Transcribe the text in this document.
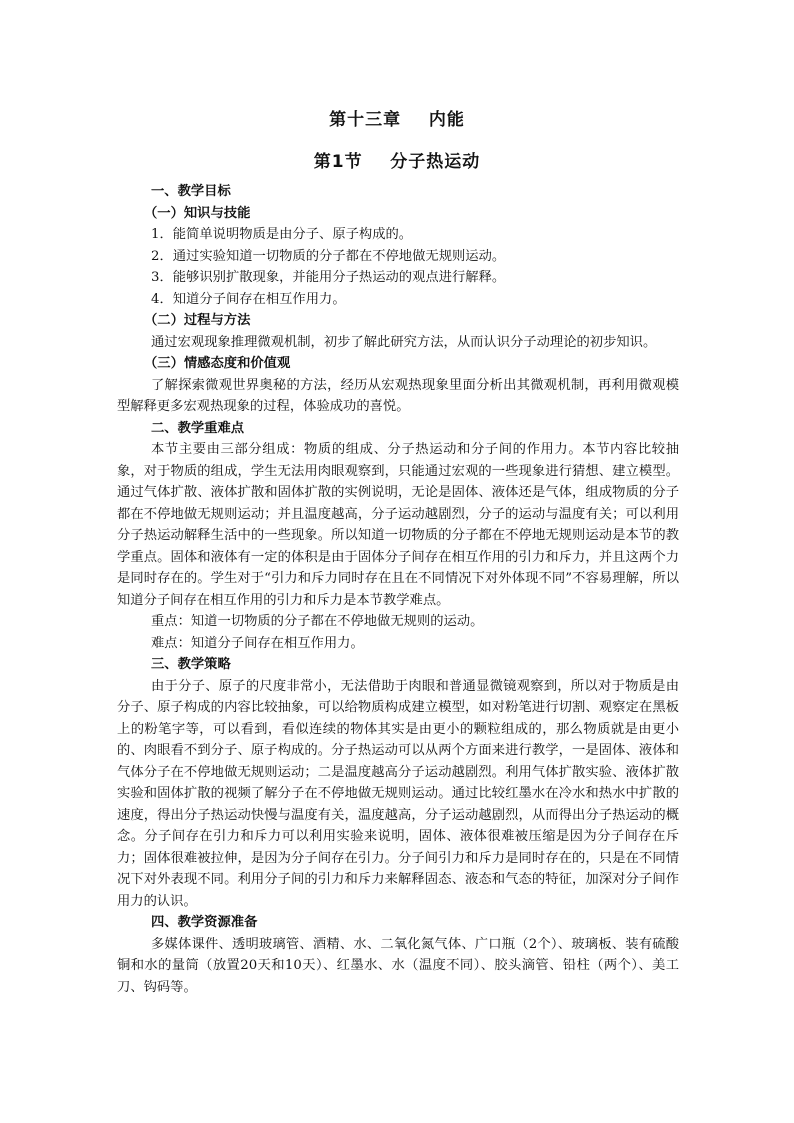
第十三章    内能
第1节    分子热运动

一、教学目标

（一）知识与技能

1．能简单说明物质是由分子、原子构成的。

2．通过实验知道一切物质的分子都在不停地做无规则运动。

3．能够识别扩散现象，并能用分子热运动的观点进行解释。

4．知道分子间存在相互作用力。

（二）过程与方法

通过宏观现象推理微观机制，初步了解此研究方法，从而认识分子动理论的初步知识。

（三）情感态度和价值观

了解探索微观世界奥秘的方法，经历从宏观热现象里面分析出其微观机制，再利用微观模型解释更多宏观热现象的过程，体验成功的喜悦。

二、教学重难点

本节主要由三部分组成：物质的组成、分子热运动和分子间的作用力。本节内容比较抽象，对于物质的组成，学生无法用肉眼观察到，只能通过宏观的一些现象进行猜想、建立模型。通过气体扩散、液体扩散和固体扩散的实例说明，无论是固体、液体还是气体，组成物质的分子都在不停地做无规则运动；并且温度越高，分子运动越剧烈，分子的运动与温度有关；可以利用分子热运动解释生活中的一些现象。所以知道一切物质的分子都在不停地无规则运动是本节的教学重点。固体和液体有一定的体积是由于固体分子间存在相互作用的引力和斥力，并且这两个力是同时存在的。学生对于“引力和斥力同时存在且在不同情况下对外体现不同”不容易理解，所以知道分子间存在相互作用的引力和斥力是本节教学难点。

重点：知道一切物质的分子都在不停地做无规则的运动。

难点：知道分子间存在相互作用力。

三、教学策略

由于分子、原子的尺度非常小，无法借助于肉眼和普通显微镜观察到，所以对于物质是由分子、原子构成的内容比较抽象，可以给物质构成建立模型，如对粉笔进行切割、观察定在黑板上的粉笔字等，可以看到，看似连续的物体其实是由更小的颗粒组成的，那么物质就是由更小的、肉眼看不到分子、原子构成的。分子热运动可以从两个方面来进行教学，一是固体、液体和气体分子在不停地做无规则运动；二是温度越高分子运动越剧烈。利用气体扩散实验、液体扩散实验和固体扩散的视频了解分子在不停地做无规则运动。通过比较红墨水在冷水和热水中扩散的速度，得出分子热运动快慢与温度有关，温度越高，分子运动越剧烈，从而得出分子热运动的概念。分子间存在引力和斥力可以利用实验来说明，固体、液体很难被压缩是因为分子间存在斥力；固体很难被拉伸，是因为分子间存在引力。分子间引力和斥力是同时存在的，只是在不同情况下对外表现不同。利用分子间的引力和斥力来解释固态、液态和气态的特征，加深对分子间作用力的认识。

四、教学资源准备

多媒体课件、透明玻璃管、酒精、水、二氧化氮气体、广口瓶（2个）、玻璃板、装有硫酸铜和水的量筒（放置20天和10天）、红墨水、水（温度不同）、胶头滴管、铅柱（两个）、美工刀、钩码等。
